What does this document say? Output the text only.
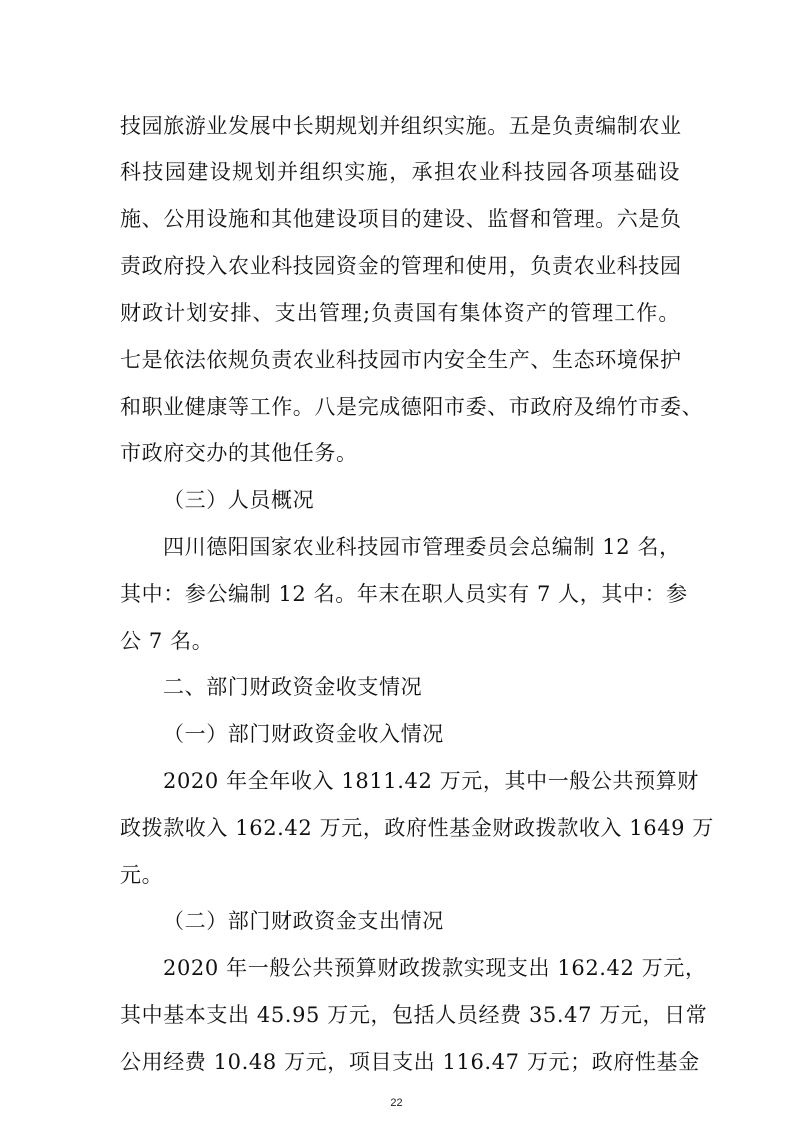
技园旅游业发展中长期规划并组织实施。五是负责编制农业
科技园建设规划并组织实施，承担农业科技园各项基础设
施、公用设施和其他建设项目的建设、监督和管理。六是负
责政府投入农业科技园资金的管理和使用，负责农业科技园
财政计划安排、支出管理;负责国有集体资产的管理工作。
七是依法依规负责农业科技园市内安全生产、生态环境保护
和职业健康等工作。八是完成德阳市委、市政府及绵竹市委、
市政府交办的其他任务。
（三）人员概况
四川德阳国家农业科技园市管理委员会总编制 12 名，
其中：参公编制 12 名。年末在职人员实有 7 人，其中：参
公 7 名。
二、部门财政资金收支情况
（一）部门财政资金收入情况
2020 年全年收入 1811.42 万元，其中一般公共预算财
政拨款收入 162.42 万元，政府性基金财政拨款收入 1649 万
元。
（二）部门财政资金支出情况
2020 年一般公共预算财政拨款实现支出 162.42 万元，
其中基本支出 45.95 万元，包括人员经费 35.47 万元，日常
公用经费 10.48 万元，项目支出 116.47 万元；政府性基金
22
